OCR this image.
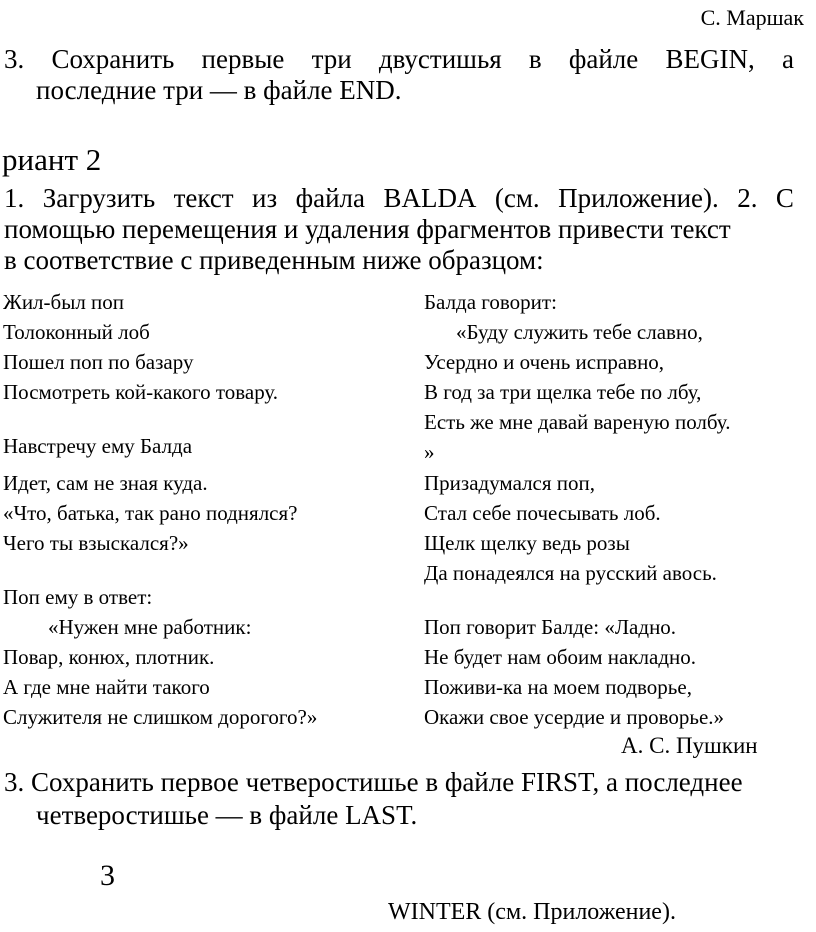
С. Маршак
3. Сохранить первые три двустишья в файле BEGIN, а
последние три — в файле END.
риант 2
1. Загрузить текст из файла BALDA (см. Приложение). 2. С
помощью перемещения и удаления фрагментов привести текст
в соответствие с приведенным ниже образцом:
Жил-был поп
Толоконный лоб
Пошел поп по базару
Посмотреть кой-какого товару.
Навстречу ему Балда
Идет, сам не зная куда.
«Что, батька, так рано поднялся?
Чего ты взыскался?»
Поп ему в ответ:
«Нужен мне работник:
Повар, конюх, плотник.
А где мне найти такого
Служителя не слишком дорогого?»
Балда говорит:
«Буду служить тебе славно,
Усердно и очень исправно,
В год за три щелка тебе по лбу,
Есть же мне давай вареную полбу.
»
Призадумался поп,
Стал себе почесывать лоб.
Щелк щелку ведь розы
Да понадеялся на русский авось.
Поп говорит Балде: «Ладно.
Не будет нам обоим накладно.
Поживи-ка на моем подворье,
Окажи свое усердие и проворье.»
А. С. Пушкин
3. Сохранить первое четверостишье в файле FIRST, а последнее
четверостишье — в файле LAST.
3
WINTER (см. Приложение).
